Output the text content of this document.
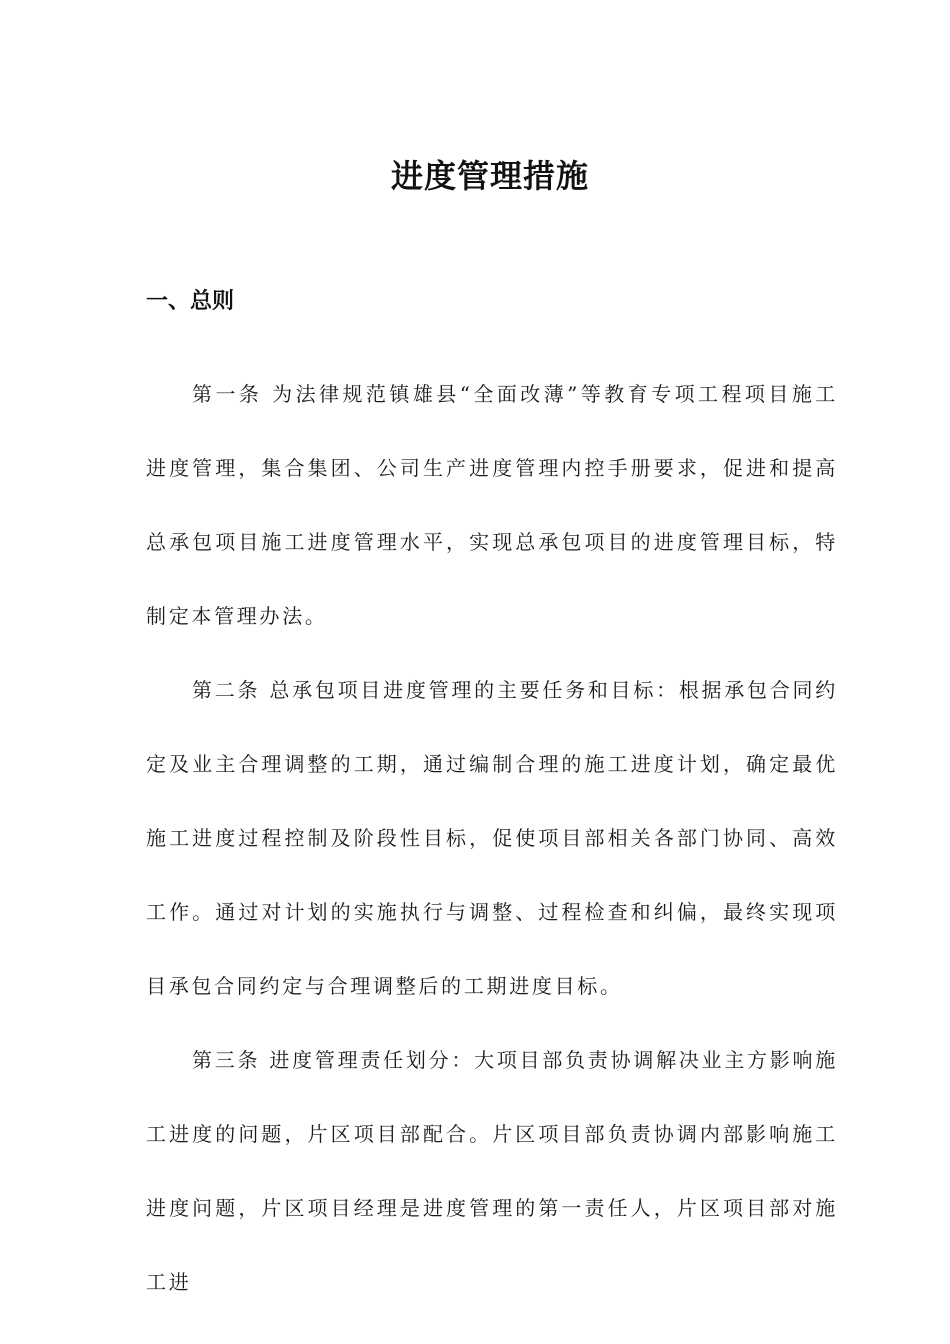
进度管理措施
一、总则

第一条 为法律规范镇雄县“全面改薄”等教育专项工程项目施工进度管理，集合集团、公司生产进度管理内控手册要求，促进和提高总承包项目施工进度管理水平，实现总承包项目的进度管理目标，特制定本管理办法。

第二条 总承包项目进度管理的主要任务和目标：根据承包合同约定及业主合理调整的工期，通过编制合理的施工进度计划，确定最优施工进度过程控制及阶段性目标，促使项目部相关各部门协同、高效工作。通过对计划的实施执行与调整、过程检查和纠偏，最终实现项目承包合同约定与合理调整后的工期进度目标。

第三条 进度管理责任划分：大项目部负责协调解决业主方影响施工进度的问题，片区项目部配合。片区项目部负责协调内部影响施工进度问题，片区项目经理是进度管理的第一责任人，片区项目部对施工进
